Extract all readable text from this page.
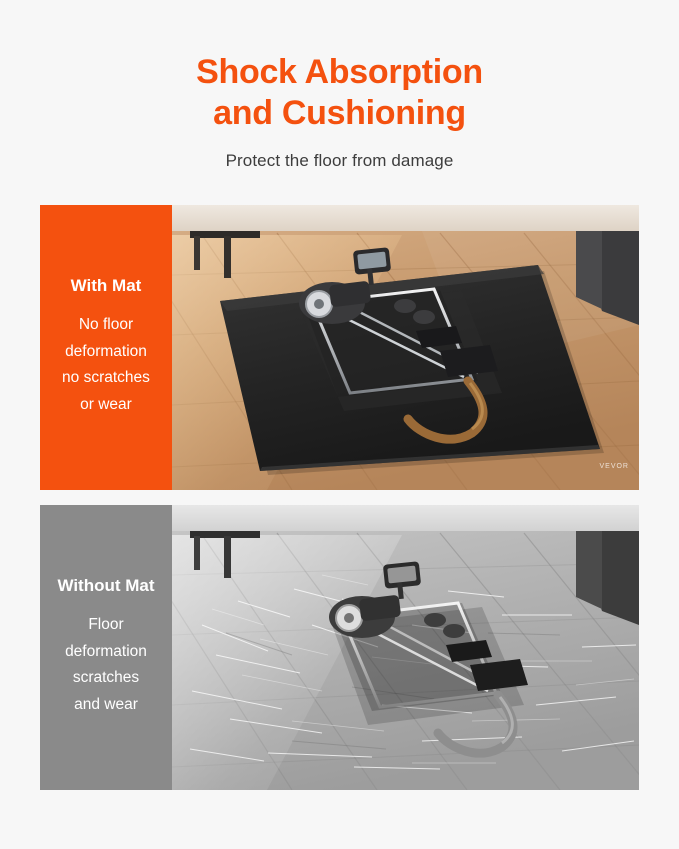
Shock Absorption
and Cushioning
Protect the floor from damage
With Mat
No floor
deformation
no scratches
or wear
VEVOR
Without Mat
Floor
deformation
scratches
and wear
